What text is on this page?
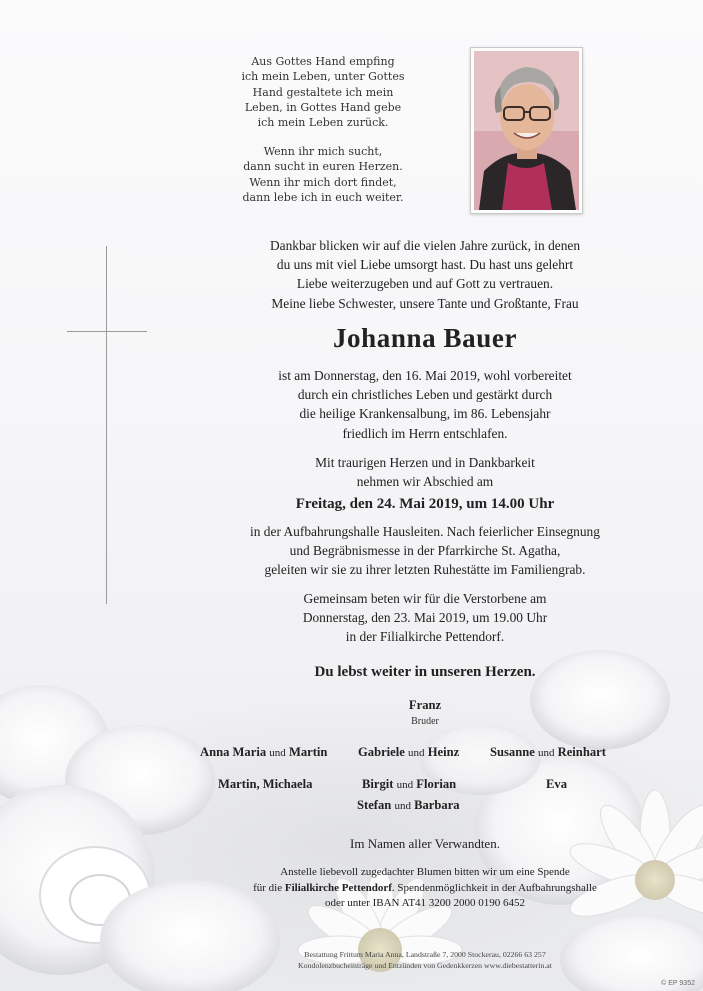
Aus Gottes Hand empfing
ich mein Leben, unter Gottes
Hand gestaltete ich mein
Leben, in Gottes Hand gebe
ich mein Leben zurück.
Wenn ihr mich sucht,
dann sucht in euren Herzen.
Wenn ihr mich dort findet,
dann lebe ich in euch weiter.
Dankbar blicken wir auf die vielen Jahre zurück, in denen
du uns mit viel Liebe umsorgt hast. Du hast uns gelehrt
Liebe weiterzugeben und auf Gott zu vertrauen.
Meine liebe Schwester, unsere Tante und Großtante, Frau
Johanna Bauer
ist am Donnerstag, den 16. Mai 2019, wohl vorbereitet
durch ein christliches Leben und gestärkt durch
die heilige Krankensalbung, im 86. Lebensjahr
friedlich im Herrn entschlafen.
Mit traurigen Herzen und in Dankbarkeit
nehmen wir Abschied am
Freitag, den 24. Mai 2019, um 14.00 Uhr
in der Aufbahrungshalle Hausleiten. Nach feierlicher Einsegnung
und Begräbnismesse in der Pfarrkirche St. Agatha,
geleiten wir sie zu ihrer letzten Ruhestätte im Familiengrab.
Gemeinsam beten wir für die Verstorbene am
Donnerstag, den 23. Mai 2019, um 19.00 Uhr
in der Filialkirche Pettendorf.
Du lebst weiter in unseren Herzen.
Franz
Bruder
Anna Maria und Martin Gabriele und Heinz Susanne und Reinhart
Martin, Michaela	Birgit und Florian	Eva
Stefan und Barbara
Im Namen aller Verwandten.
Anstelle liebevoll zugedachter Blumen bitten wir um eine Spende
für die Filialkirche Pettendorf. Spendenmöglichkeit in der Aufbahrungshalle
oder unter IBAN AT41 3200 2000 0190 6452
Bestattung Frittum Maria Anna, Landstraße 7, 2000 Stockerau, 02266 63 257
Kondolenzbucheinträge und Entzünden von Gedenkkerzen www.diebestatterin.at
© EP 9352
